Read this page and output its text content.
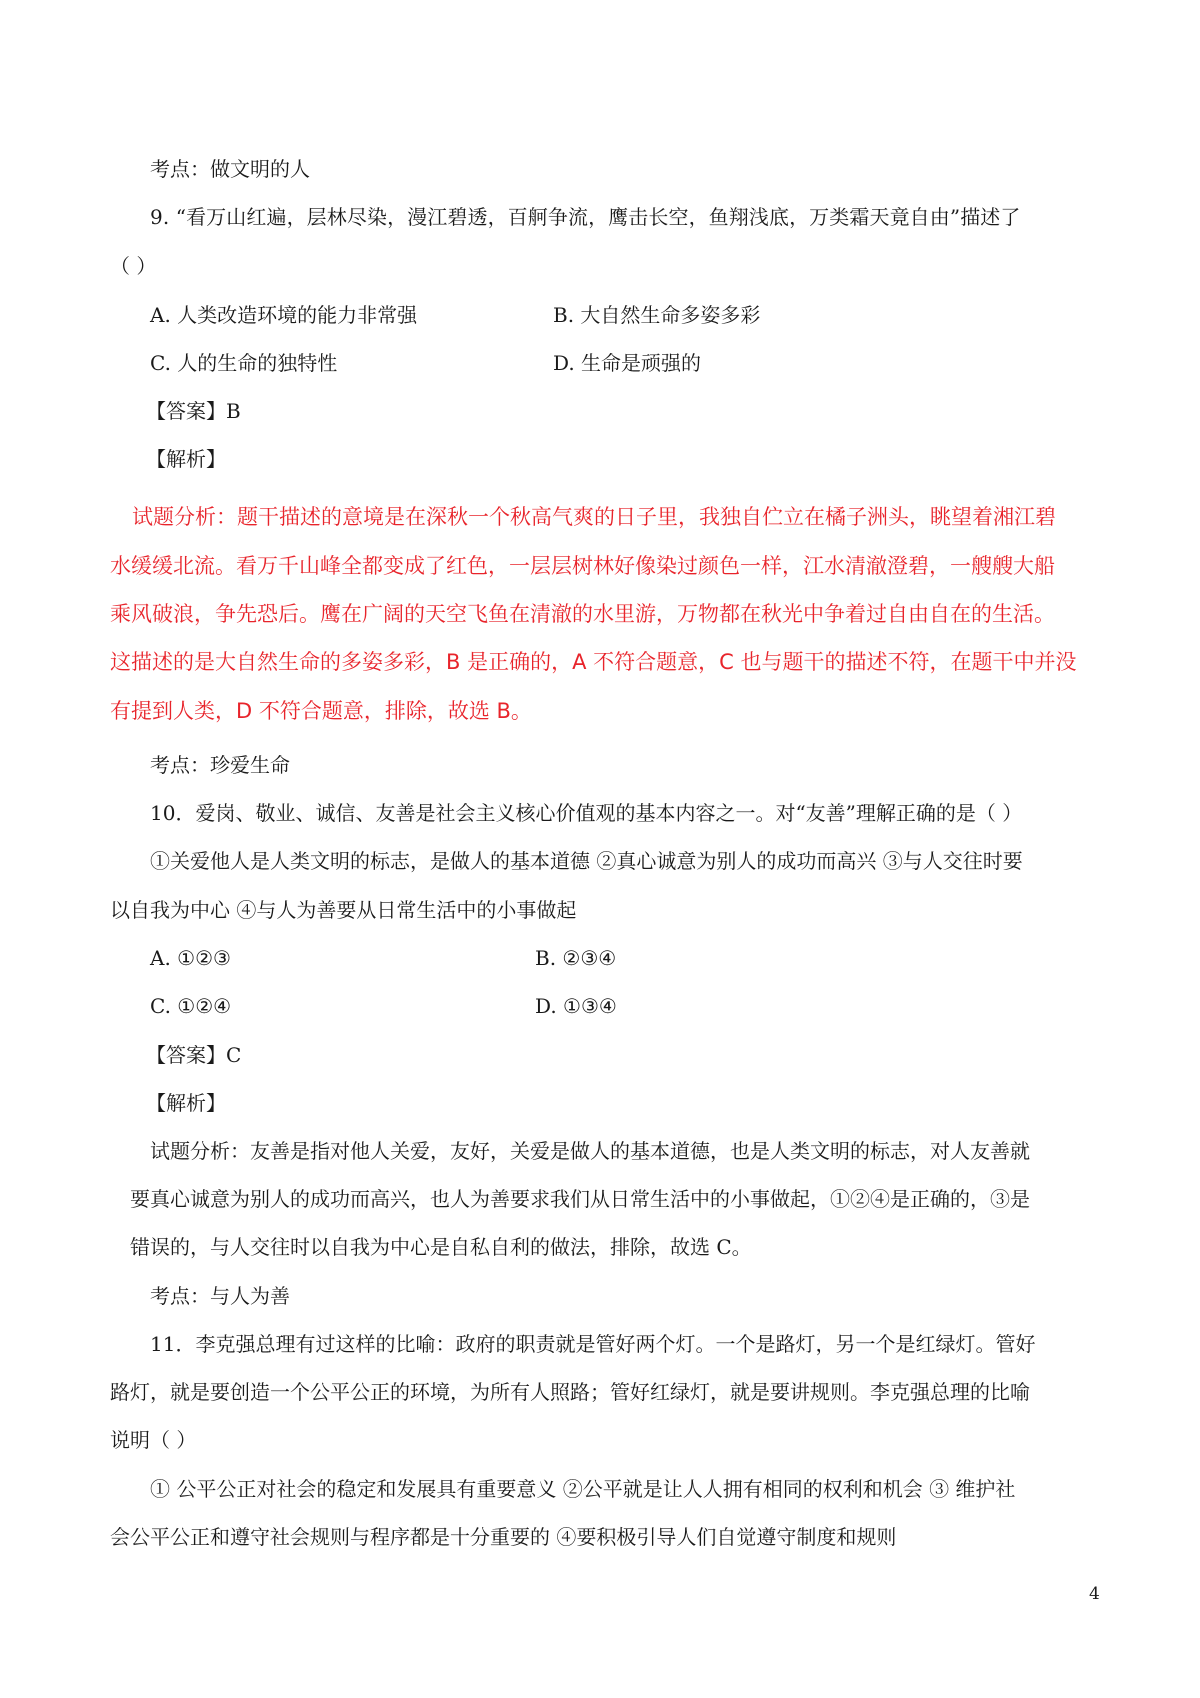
考点：做文明的人
9. “看万山红遍，层林尽染，漫江碧透，百舸争流，鹰击长空，鱼翔浅底，万类霜天竟自由”描述了
（ ）
A. 人类改造环境的能力非常强	B. 大自然生命多姿多彩
C. 人的生命的独特性	D. 生命是顽强的
【答案】B
【解析】
试题分析：题干描述的意境是在深秋一个秋高气爽的日子里，我独自伫立在橘子洲头，眺望着湘江碧
水缓缓北流。看万千山峰全都变成了红色，一层层树林好像染过颜色一样，江水清澈澄碧，一艘艘大船
乘风破浪，争先恐后。鹰在广阔的天空飞鱼在清澈的水里游，万物都在秋光中争着过自由自在的生活。
这描述的是大自然生命的多姿多彩，B 是正确的，A 不符合题意，C 也与题干的描述不符，在题干中并没
有提到人类，D 不符合题意，排除，故选 B。
考点：珍爱生命
10．爱岗、敬业、诚信、友善是社会主义核心价值观的基本内容之一。对“友善”理解正确的是（ ）
①关爱他人是人类文明的标志，是做人的基本道德 ②真心诚意为别人的成功而高兴 ③与人交往时要
以自我为中心 ④与人为善要从日常生活中的小事做起
A. ①②③	B. ②③④
C. ①②④	D. ①③④
【答案】C
【解析】
试题分析：友善是指对他人关爱，友好，关爱是做人的基本道德，也是人类文明的标志，对人友善就
要真心诚意为别人的成功而高兴，也人为善要求我们从日常生活中的小事做起，①②④是正确的，③是
错误的，与人交往时以自我为中心是自私自利的做法，排除，故选 C。
考点：与人为善
11．李克强总理有过这样的比喻：政府的职责就是管好两个灯。一个是路灯，另一个是红绿灯。管好
路灯，就是要创造一个公平公正的环境，为所有人照路；管好红绿灯，就是要讲规则。李克强总理的比喻
说明（ ）
① 公平公正对社会的稳定和发展具有重要意义 ②公平就是让人人拥有相同的权利和机会 ③ 维护社
会公平公正和遵守社会规则与程序都是十分重要的 ④要积极引导人们自觉遵守制度和规则
4
